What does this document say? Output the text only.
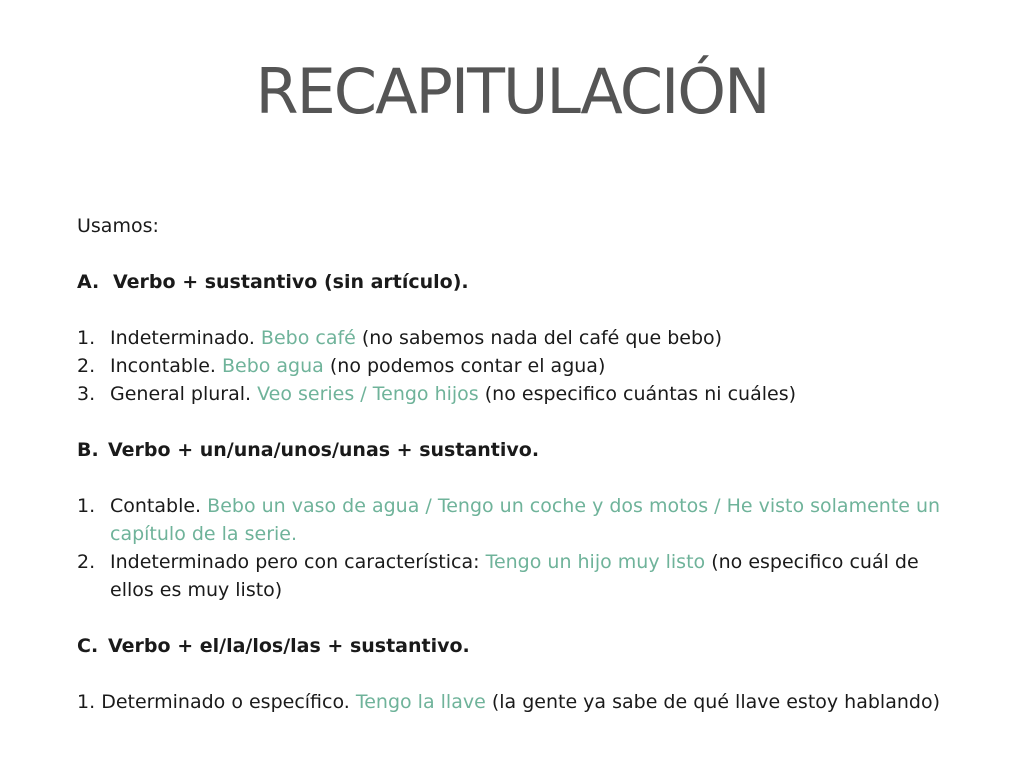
RECAPITULACIÓN
Usamos:
A. Verbo + sustantivo (sin artículo).
1. Indeterminado. Bebo café (no sabemos nada del café que bebo)
2. Incontable. Bebo agua (no podemos contar el agua)
3. General plural. Veo series / Tengo hijos (no especifico cuántas ni cuáles)
B. Verbo + un/una/unos/unas + sustantivo.
1. Contable. Bebo un vaso de agua / Tengo un coche y dos motos / He visto solamente un capítulo de la serie.
2. Indeterminado pero con característica: Tengo un hijo muy listo (no especifico cuál de ellos es muy listo)
C. Verbo + el/la/los/las + sustantivo.
1. Determinado o específico. Tengo la llave (la gente ya sabe de qué llave estoy hablando)
